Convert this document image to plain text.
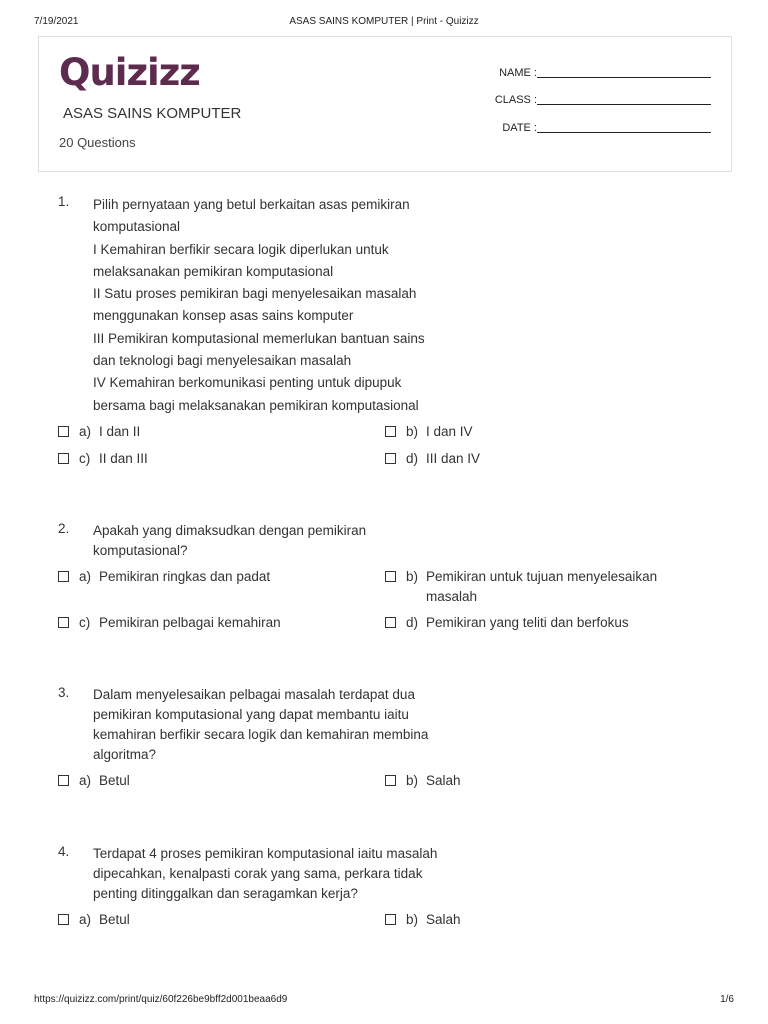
7/19/2021	ASAS SAINS KOMPUTER | Print - Quizizz
Quizizz
ASAS SAINS KOMPUTER
20 Questions
NAME :
CLASS :
DATE :
1. Pilih pernyataan yang betul berkaitan asas pemikiran
komputasional
I Kemahiran berfikir secara logik diperlukan untuk
melaksanakan pemikiran komputasional
II Satu proses pemikiran bagi menyelesaikan masalah
menggunakan konsep asas sains komputer
III Pemikiran komputasional memerlukan bantuan sains
dan teknologi bagi menyelesaikan masalah
IV Kemahiran berkomunikasi penting untuk dipupuk
bersama bagi melaksanakan pemikiran komputasional
a) I dan II	b) I dan IV
c) II dan III	d) III dan IV
2. Apakah yang dimaksudkan dengan pemikiran
komputasional?
a) Pemikiran ringkas dan padat	b) Pemikiran untuk tujuan menyelesaikan masalah
c) Pemikiran pelbagai kemahiran	d) Pemikiran yang teliti dan berfokus
3. Dalam menyelesaikan pelbagai masalah terdapat dua
pemikiran komputasional yang dapat membantu iaitu
kemahiran berfikir secara logik dan kemahiran membina
algoritma?
a) Betul	b) Salah
4. Terdapat 4 proses pemikiran komputasional iaitu masalah
dipecahkan, kenalpasti corak yang sama, perkara tidak
penting ditinggalkan dan seragamkan kerja?
a) Betul	b) Salah
https://quizizz.com/print/quiz/60f226be9bff2d001beaa6d9	1/6
